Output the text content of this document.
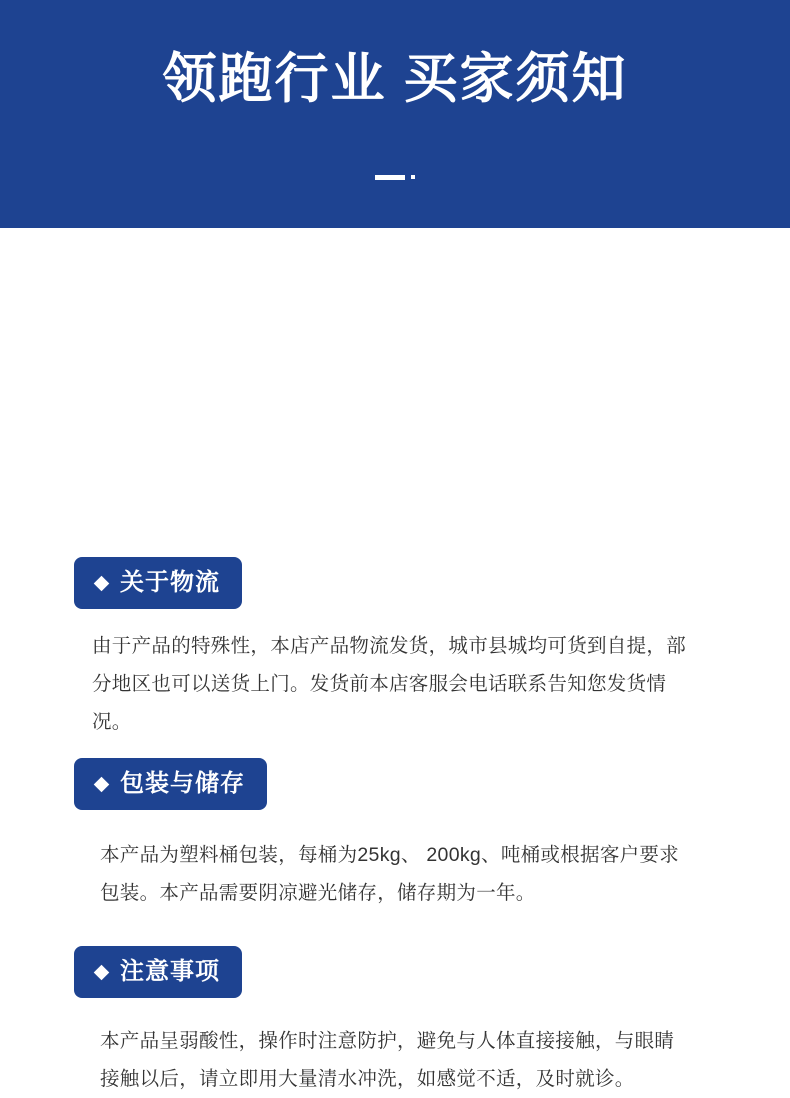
领跑行业 买家须知
关于物流
由于产品的特殊性，本店产品物流发货，城市县城均可货到自提，部分地区也可以送货上门。发货前本店客服会电话联系告知您发货情况。
包装与储存
本产品为塑料桶包装，每桶为25kg、 200kg、吨桶或根据客户要求包装。本产品需要阴凉避光储存，储存期为一年。
注意事项
本产品呈弱酸性，操作时注意防护，避免与人体直接接触，与眼睛接触以后，请立即用大量清水冲洗，如感觉不适，及时就诊。
